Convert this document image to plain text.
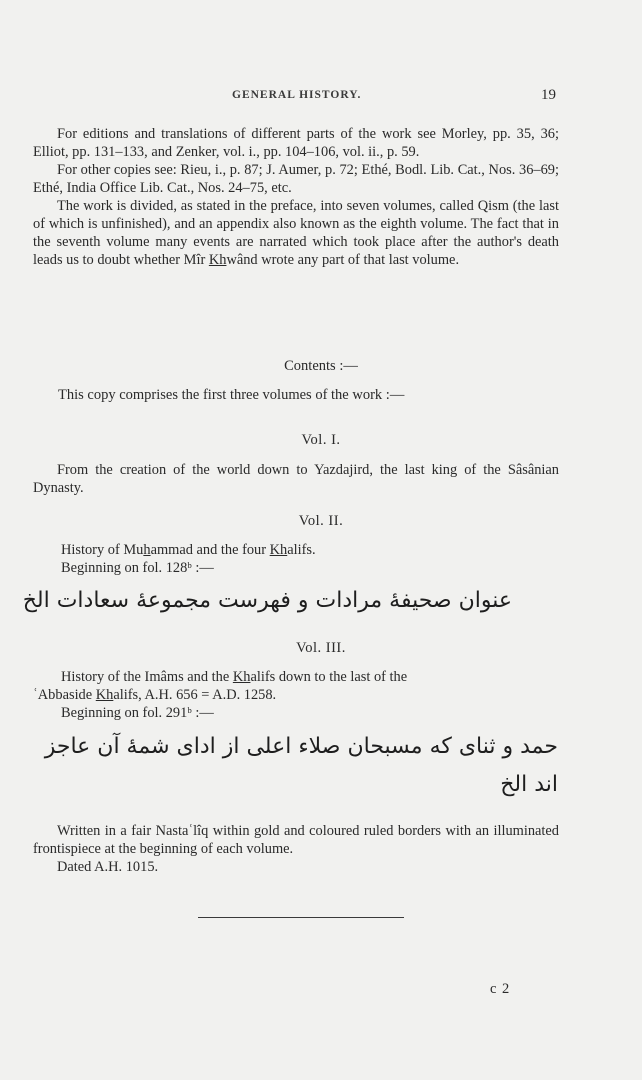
GENERAL HISTORY.	19

For editions and translations of different parts of the work see Morley, pp. 35, 36; Elliot, pp. 131–133, and Zenker, vol. i., pp. 104–106, vol. ii., p. 59.

For other copies see: Rieu, i., p. 87; J. Aumer, p. 72; Ethé, Bodl. Lib. Cat., Nos. 36–69; Ethé, India Office Lib. Cat., Nos. 24–75, etc.

The work is divided, as stated in the preface, into seven volumes, called Qism (the last of which is unfinished), and an appendix also known as the eighth volume. The fact that in the seventh volume many events are narrated which took place after the author's death leads us to doubt whether Mîr Khwând wrote any part of that last volume.

Contents :—
This copy comprises the first three volumes of the work :—
Vol. I.

From the creation of the world down to Yazdajird, the last king of the Sâsânian Dynasty.

Vol. II.

History of Muhammad and the four Khalifs.

Beginning on fol. 128ᵇ :—

عنوان صحیفهٔ مرادات و فهرست مجموعهٔ سعادات الخ
Vol. III.

History of the Imâms and the Khalifs down to the last of the

ʿAbbaside Khalifs, A.H. 656 = A.D. 1258.

Beginning on fol. 291ᵇ :—

حمد و ثنای که مسبحان صلاء اعلی از ادای شمهٔ آن عاجز
اند الخ

Written in a fair Nastaʿlîq within gold and coloured ruled borders with an illuminated frontispiece at the beginning of each volume.

Dated A.H. 1015.

c 2
